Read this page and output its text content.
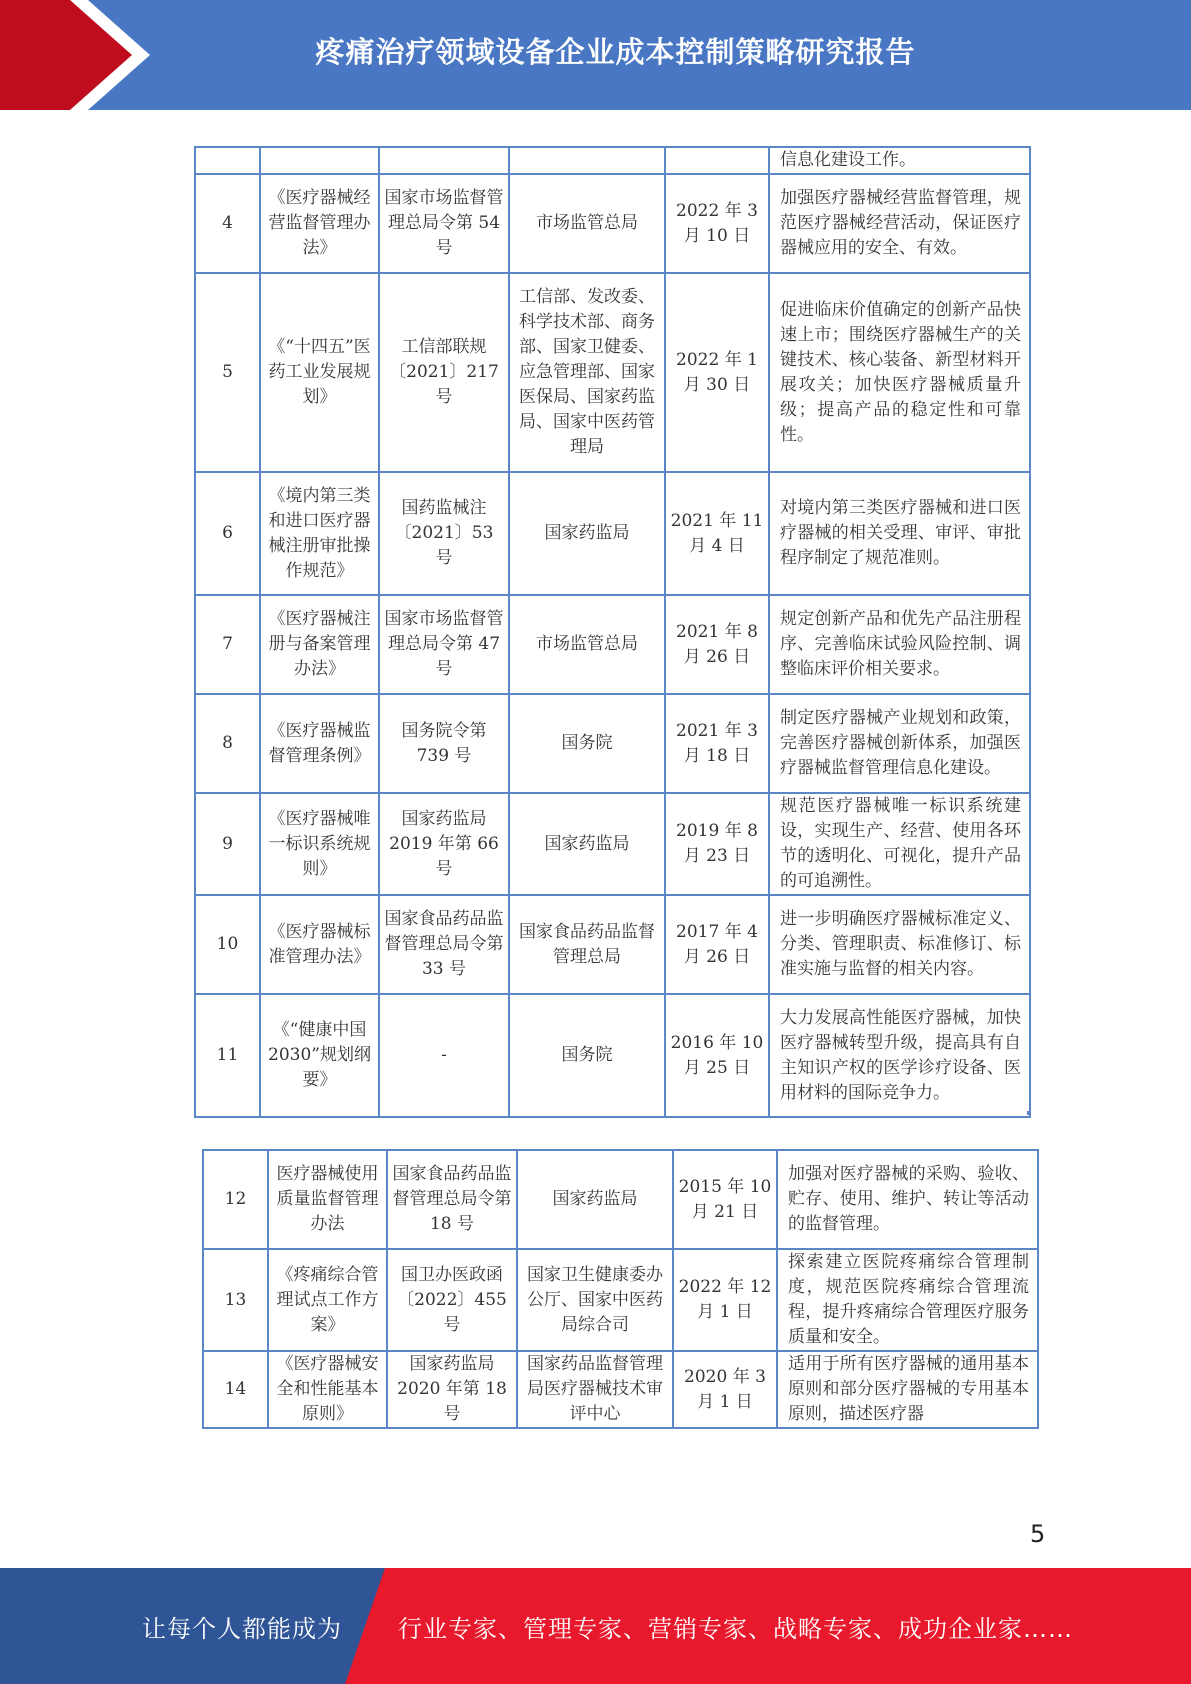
疼痛治疗领域设备企业成本控制策略研究报告
					信息化建设工作。
4	《医疗器械经营监督管理办法》	国家市场监督管理总局令第 54 号	市场监管总局	2022 年 3 月 10 日	加强医疗器械经营监督管理，规范医疗器械经营活动，保证医疗器械应用的安全、有效。
5	《“十四五”医药工业发展规划》	工信部联规〔2021〕217 号	工信部、发改委、科学技术部、商务部、国家卫健委、应急管理部、国家医保局、国家药监局、国家中医药管理局	2022 年 1 月 30 日	促进临床价值确定的创新产品快速上市；围绕医疗器械生产的关键技术、核心装备、新型材料开展攻关；加快医疗器械质量升级；提高产品的稳定性和可靠性。
6	《境内第三类和进口医疗器械注册审批操作规范》	国药监械注〔2021〕53 号	国家药监局	2021 年 11 月 4 日	对境内第三类医疗器械和进口医疗器械的相关受理、审评、审批程序制定了规范准则。
7	《医疗器械注册与备案管理办法》	国家市场监督管理总局令第 47 号	市场监管总局	2021 年 8 月 26 日	规定创新产品和优先产品注册程序、完善临床试验风险控制、调整临床评价相关要求。
8	《医疗器械监督管理条例》	国务院令第 739 号	国务院	2021 年 3 月 18 日	制定医疗器械产业规划和政策，完善医疗器械创新体系，加强医疗器械监督管理信息化建设。
9	《医疗器械唯一标识系统规则》	国家药监局 2019 年第 66 号	国家药监局	2019 年 8 月 23 日	规范医疗器械唯一标识系统建设，实现生产、经营、使用各环节的透明化、可视化，提升产品的可追溯性。
10	《医疗器械标准管理办法》	国家食品药品监督管理总局令第 33 号	国家食品药品监督管理总局	2017 年 4 月 26 日	进一步明确医疗器械标准定义、分类、管理职责、标准修订、标准实施与监督的相关内容。
11	《“健康中国 2030”规划纲要》	-	国务院	2016 年 10 月 25 日	大力发展高性能医疗器械，加快医疗器械转型升级，提高具有自主知识产权的医学诊疗设备、医用材料的国际竞争力。
12	医疗器械使用质量监督管理办法	国家食品药品监督管理总局令第 18 号	国家药监局	2015 年 10 月 21 日	加强对医疗器械的采购、验收、贮存、使用、维护、转让等活动的监督管理。
13	《疼痛综合管理试点工作方案》	国卫办医政函〔2022〕455 号	国家卫生健康委办公厅、国家中医药局综合司	2022 年 12 月 1 日	探索建立医院疼痛综合管理制度，规范医院疼痛综合管理流程，提升疼痛综合管理医疗服务质量和安全。
14	《医疗器械安全和性能基本原则》	国家药监局 2020 年第 18 号	国家药品监督管理局医疗器械技术审评中心	2020 年 3 月 1 日	适用于所有医疗器械的通用基本原则和部分医疗器械的专用基本原则，描述医疗器
5
让每个人都能成为 行业专家、管理专家、营销专家、战略专家、成功企业家……
